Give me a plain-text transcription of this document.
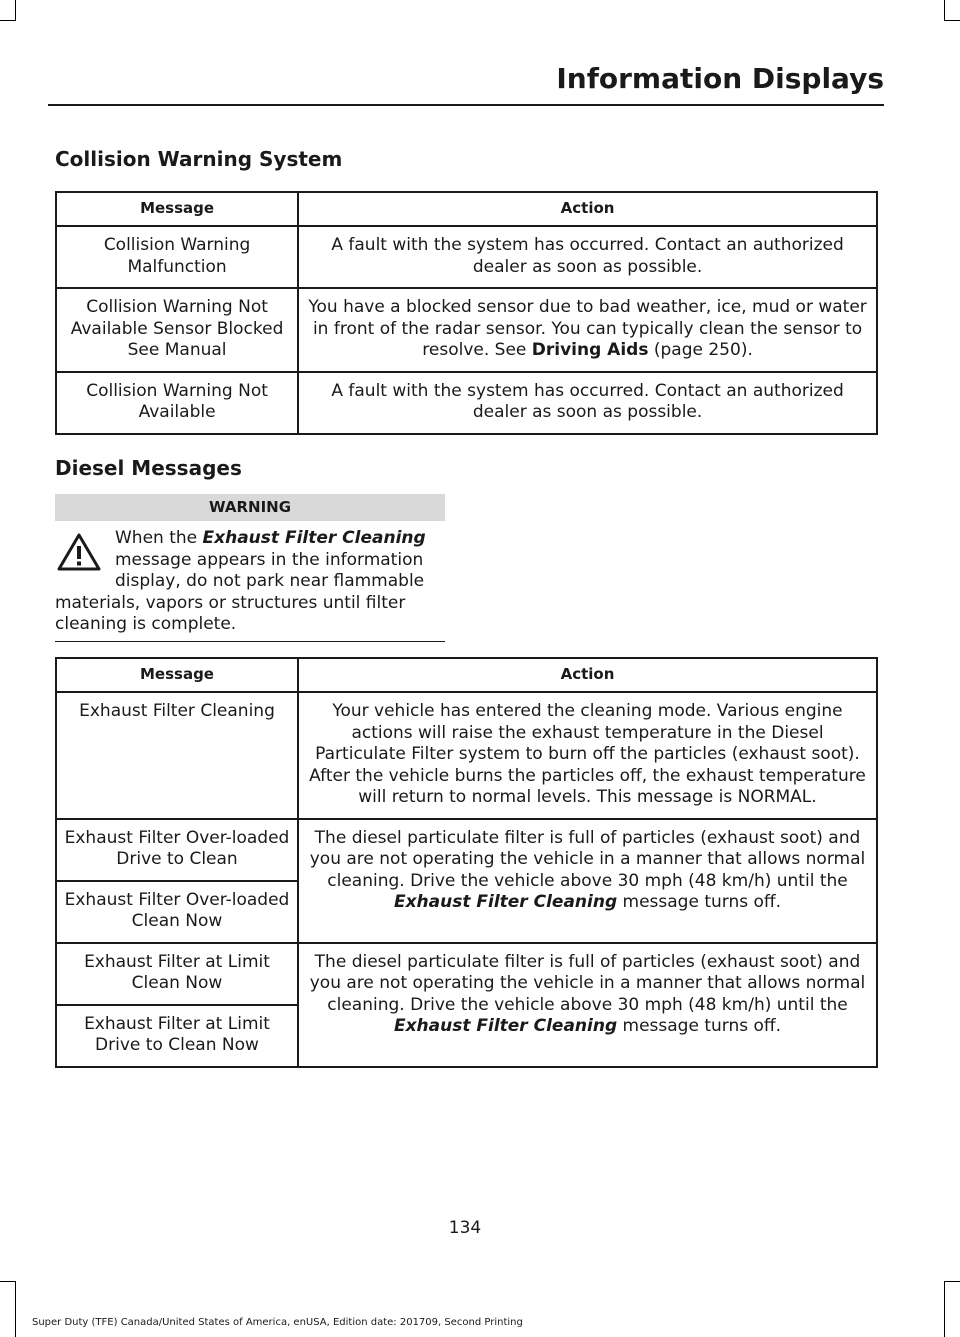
Information Displays
Collision Warning System
Message	Action
Collision Warning Malfunction	A fault with the system has occurred. Contact an authorized dealer as soon as possible.
Collision Warning Not Available Sensor Blocked See Manual	You have a blocked sensor due to bad weather, ice, mud or water in front of the radar sensor. You can typically clean the sensor to resolve. See Driving Aids (page 250).
Collision Warning Not Available	A fault with the system has occurred. Contact an authorized dealer as soon as possible.
Diesel Messages
WARNING
When the Exhaust Filter Cleaning message appears in the information display, do not park near flammable materials, vapors or structures until filter cleaning is complete.
Message	Action
Exhaust Filter Cleaning	Your vehicle has entered the cleaning mode. Various engine actions will raise the exhaust temperature in the Diesel Particulate Filter system to burn off the particles (exhaust soot). After the vehicle burns the particles off, the exhaust temperature will return to normal levels. This message is NORMAL.
Exhaust Filter Over-loaded Drive to Clean	The diesel particulate filter is full of particles (exhaust soot) and you are not operating the vehicle in a manner that allows normal cleaning. Drive the vehicle above 30 mph (48 km/h) until the Exhaust Filter Cleaning message turns off.
Exhaust Filter Over-loaded Clean Now	
Exhaust Filter at Limit Clean Now	The diesel particulate filter is full of particles (exhaust soot) and you are not operating the vehicle in a manner that allows normal cleaning. Drive the vehicle above 30 mph (48 km/h) until the Exhaust Filter Cleaning message turns off.
Exhaust Filter at Limit Drive to Clean Now	
134
Super Duty (TFE) Canada/United States of America, enUSA, Edition date: 201709, Second Printing
